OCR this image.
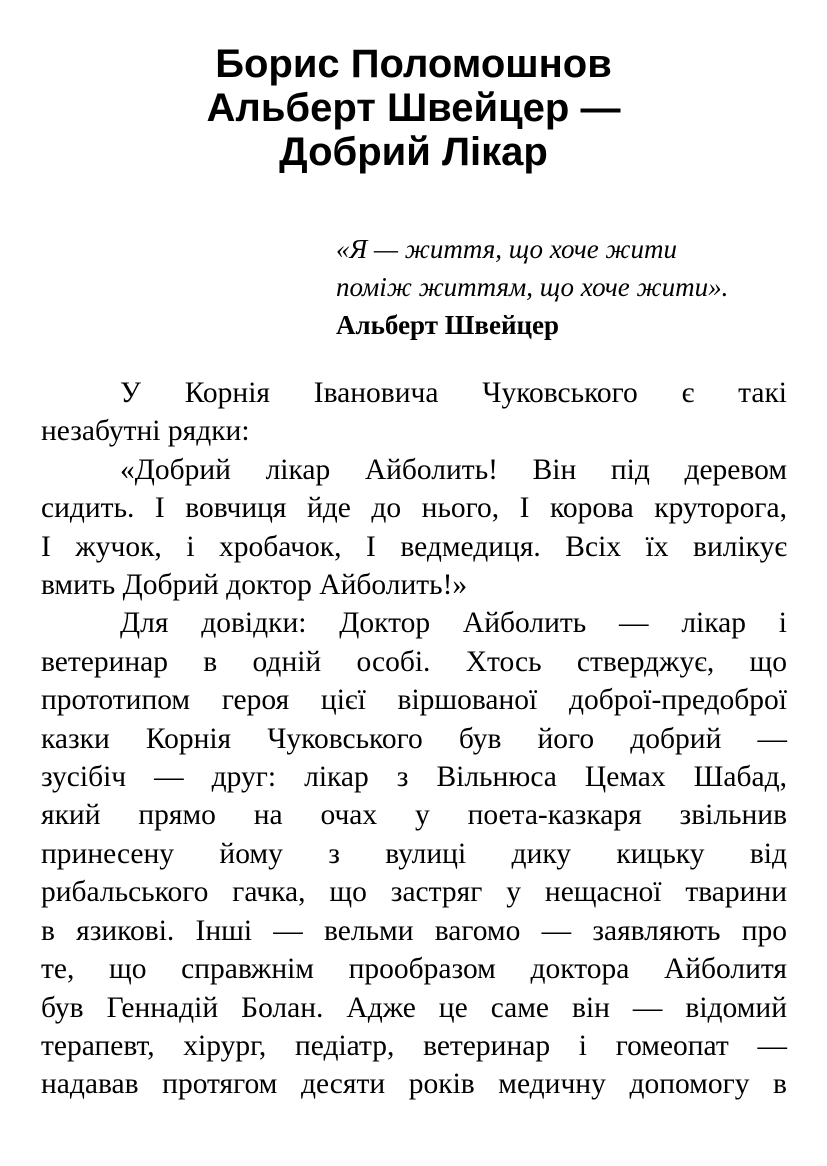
Борис Поломошнов
Альберт Швейцер —
Добрий Лікар
«Я — життя, що хоче жити
поміж життям, що хоче жити».
Альберт Швейцер
У Корнія Івановича Чуковського є такі
незабутні рядки:
«Добрий лікар Айболить! Він під деревом
сидить. І вовчиця йде до нього, І корова круторога,
І жучок, і хробачок, І ведмедиця. Всіх їх вилікує
вмить Добрий доктор Айболить!»
Для довідки: Доктор Айболить — лікар і
ветеринар в одній особі. Хтось стверджує, що
прототипом героя цієї віршованої доброї-предоброї
казки Корнія Чуковського був його добрий —
зусібіч — друг: лікар з Вільнюса Цемах Шабад,
який прямо на очах у поета-казкаря звільнив
принесену йому з вулиці дику кицьку від
рибальського гачка, що застряг у нещасної тварини
в язикові. Інші — вельми вагомо — заявляють про
те, що справжнім прообразом доктора Айболитя
був Геннадій Болан. Адже це саме він — відомий
терапевт, хірург, педіатр, ветеринар і гомеопат —
надавав протягом десяти років медичну допомогу в
